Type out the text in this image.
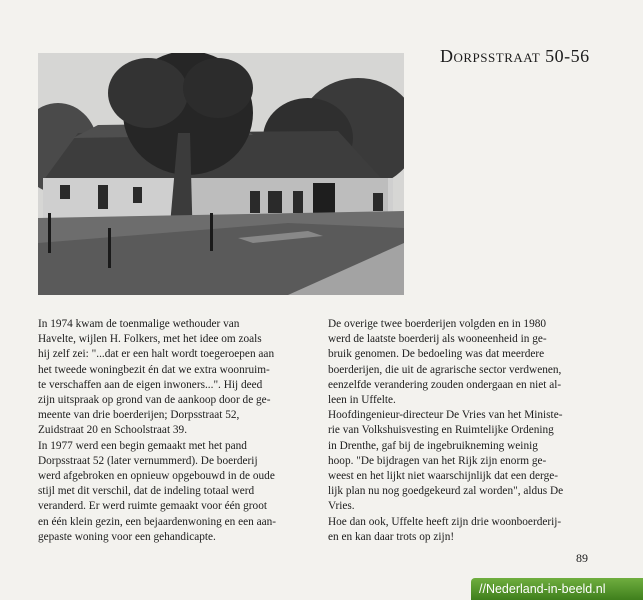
Dorpsstraat 50-56

In 1974 kwam de toenmalige wethouder van

Havelte, wijlen H. Folkers, met het idee om zoals

hij zelf zei: "...dat er een halt wordt toegeroepen aan

het tweede woningbezit én dat we extra woonruim-

te verschaffen aan de eigen inwoners...". Hij deed

zijn uitspraak op grond van de aankoop door de ge-

meente van drie boerderijen; Dorpsstraat 52,

Zuidstraat 20 en Schoolstraat 39.

In 1977 werd een begin gemaakt met het pand

Dorpsstraat 52 (later vernummerd). De boerderij

werd afgebroken en opnieuw opgebouwd in de oude

stijl met dit verschil, dat de indeling totaal werd

veranderd. Er werd ruimte gemaakt voor één groot

en één klein gezin, een bejaardenwoning en een aan-

gepaste woning voor een gehandicapte.

De overige twee boerderijen volgden en in 1980

werd de laatste boerderij als wooneenheid in ge-

bruik genomen. De bedoeling was dat meerdere

boerderijen, die uit de agrarische sector verdwenen,

eenzelfde verandering zouden ondergaan en niet al-

leen in Uffelte.

Hoofdingenieur-directeur De Vries van het Ministe-

rie van Volkshuisvesting en Ruimtelijke Ordening

in Drenthe, gaf bij de ingebruikneming weinig

hoop. "De bijdragen van het Rijk zijn enorm ge-

weest en het lijkt niet waarschijnlijk dat een derge-

lijk plan nu nog goedgekeurd zal worden", aldus De

Vries.

Hoe dan ook, Uffelte heeft zijn drie woonboerderij-

en en kan daar trots op zijn!

89
//Nederland-in-beeld.nl
